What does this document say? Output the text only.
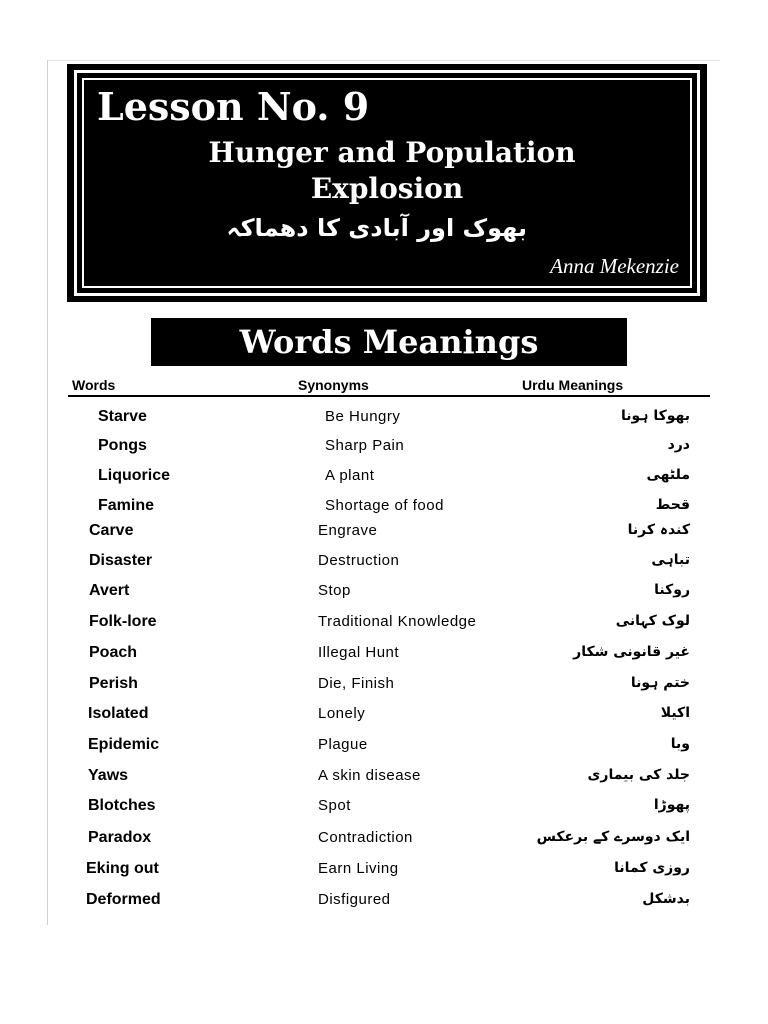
Lesson No. 9
Hunger and Population
Explosion
بھوک اور آبادی کا دھماکہ
Anna Mekenzie
Words Meanings
Words	Synonyms	Urdu Meanings
Starve	Be Hungry	بھوکا ہونا
Pongs	Sharp Pain	درد
Liquorice	A plant	ملٹھی
Famine	Shortage of food	قحط
Carve	Engrave	کندہ کرنا
Disaster	Destruction	تباہی
Avert	Stop	روکنا
Folk-lore	Traditional Knowledge	لوک کہانی
Poach	Illegal Hunt	غیر قانونی شکار
Perish	Die, Finish	ختم ہونا
Isolated	Lonely	اکیلا
Epidemic	Plague	وبا
Yaws	A skin disease	جلد کی بیماری
Blotches	Spot	پھوڑا
Paradox	Contradiction	ایک دوسرے کے برعکس
Eking out	Earn Living	روزی کمانا
Deformed	Disfigured	بدشکل
